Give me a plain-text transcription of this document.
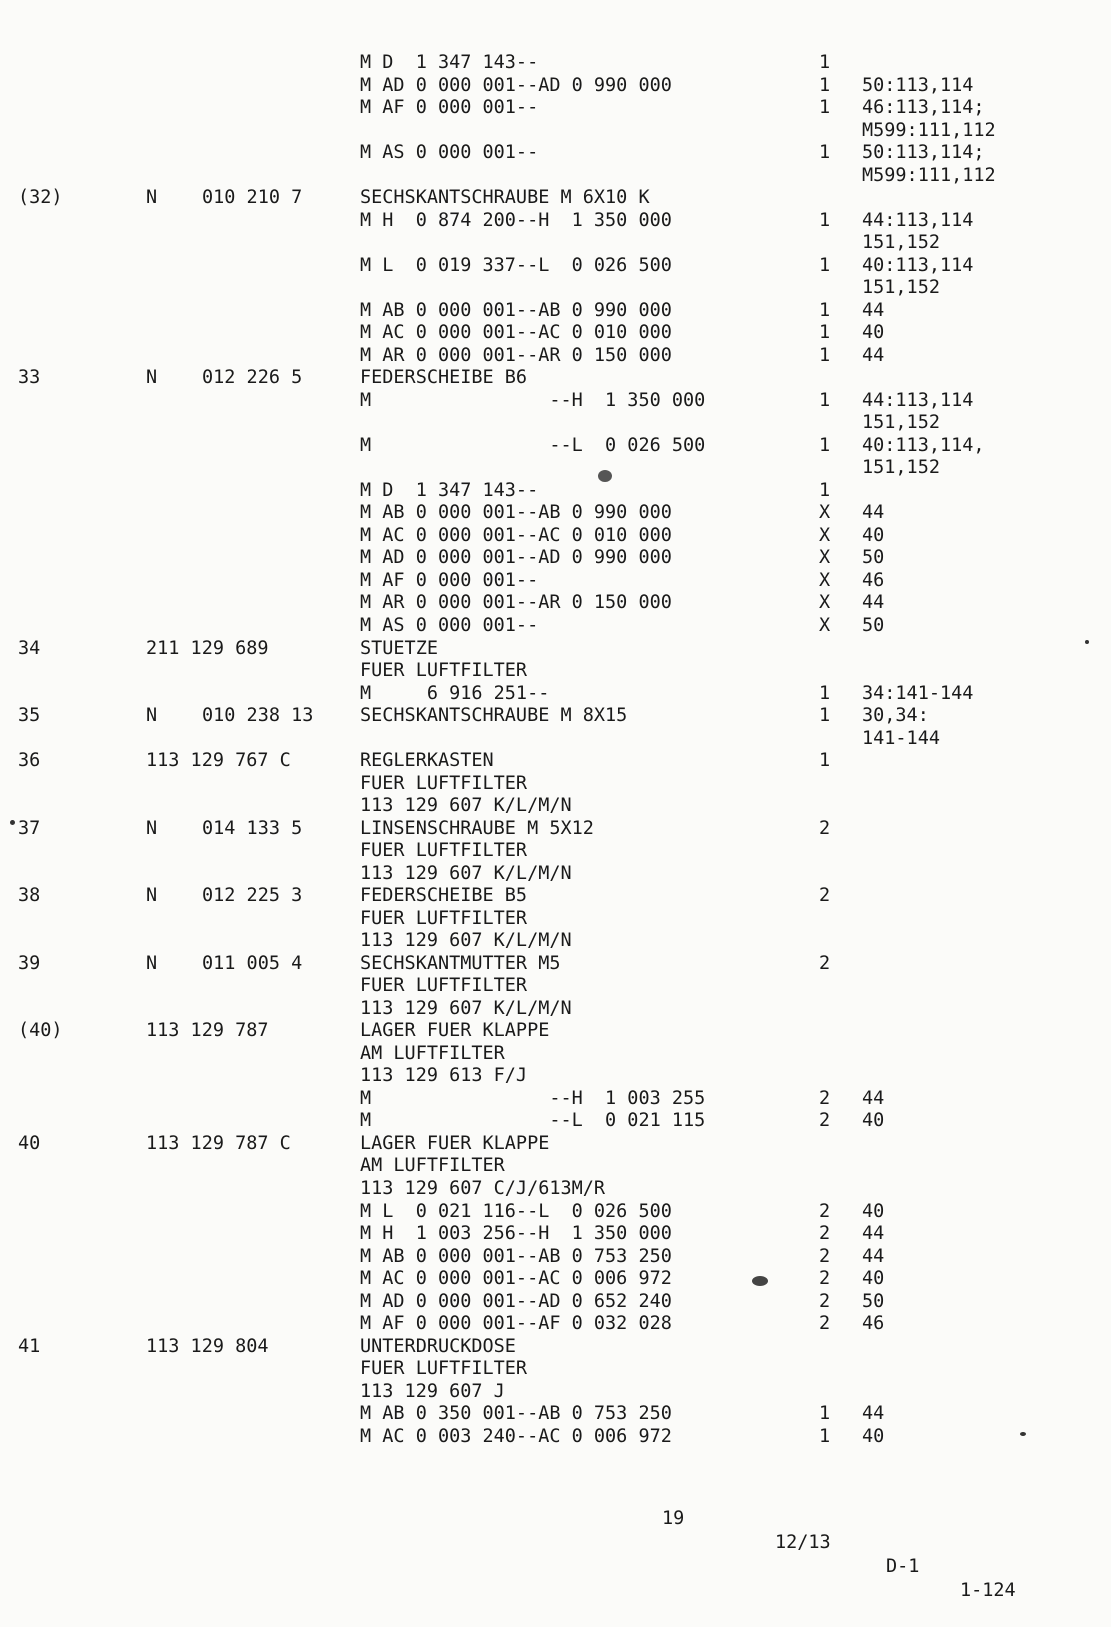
M D  1 347 143--	1
M AD 0 000 001--AD 0 990 000	1 50:113,114
M AF 0 000 001--	1 46:113,114;
M599:111,112
M AS 0 000 001--	1 50:113,114;
M599:111,112
(32)	N 010 210 7	SECHSKANTSCHRAUBE M 6X10 K
M H  0 874 200--H  1 350 000	1 44:113,114
151,152
M L  0 019 337--L  0 026 500	1 40:113,114
151,152
M AB 0 000 001--AB 0 990 000	1 44
M AC 0 000 001--AC 0 010 000	1 40
M AR 0 000 001--AR 0 150 000	1 44
33	N 012 226 5	FEDERSCHEIBE B6
M                --H  1 350 000	1 44:113,114
151,152
M                --L  0 026 500	1 40:113,114,
151,152
M D  1 347 143--	1
M AB 0 000 001--AB 0 990 000	X 44
M AC 0 000 001--AC 0 010 000	X 40
M AD 0 000 001--AD 0 990 000	X 50
M AF 0 000 001--	X 46
M AR 0 000 001--AR 0 150 000	X 44
M AS 0 000 001--	X 50
34	211 129 689	STUETZE
FUER LUFTFILTER
M     6 916 251--	1 34:141-144
35	N 010 238 13	SECHSKANTSCHRAUBE M 8X15	1 30,34:
141-144
36	113 129 767 C	REGLERKASTEN	1
FUER LUFTFILTER
113 129 607 K/L/M/N
37	N 014 133 5	LINSENSCHRAUBE M 5X12	2
FUER LUFTFILTER
113 129 607 K/L/M/N
38	N 012 225 3	FEDERSCHEIBE B5	2
FUER LUFTFILTER
113 129 607 K/L/M/N
39	N 011 005 4	SECHSKANTMUTTER M5	2
FUER LUFTFILTER
113 129 607 K/L/M/N
(40)	113 129 787	LAGER FUER KLAPPE
AM LUFTFILTER
113 129 613 F/J
M                --H  1 003 255	2 44
M                --L  0 021 115	2 40
40	113 129 787 C	LAGER FUER KLAPPE
AM LUFTFILTER
113 129 607 C/J/613M/R
M L  0 021 116--L  0 026 500	2 40
M H  1 003 256--H  1 350 000	2 44
M AB 0 000 001--AB 0 753 250	2 44
M AC 0 000 001--AC 0 006 972	2 40
M AD 0 000 001--AD 0 652 240	2 50
M AF 0 000 001--AF 0 032 028	2 46
41	113 129 804	UNTERDRUCKDOSE
FUER LUFTFILTER
113 129 607 J
M AB 0 350 001--AB 0 753 250	1 44
M AC 0 003 240--AC 0 006 972	1 40

19

12/13

D-1

1-124
